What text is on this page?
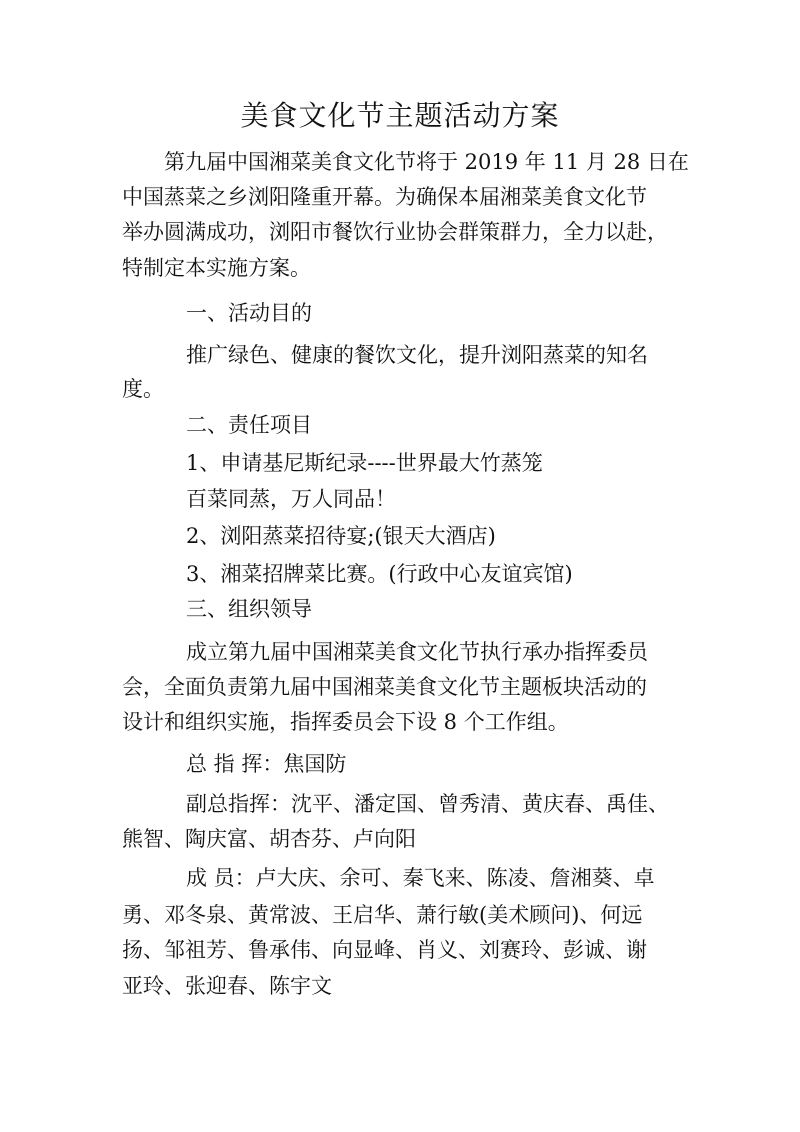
美食文化节主题活动方案
第九届中国湘菜美食文化节将于 2019 年 11 月 28 日在
中国蒸菜之乡浏阳隆重开幕。为确保本届湘菜美食文化节
举办圆满成功，浏阳市餐饮行业协会群策群力，全力以赴，
特制定本实施方案。
一、活动目的
推广绿色、健康的餐饮文化，提升浏阳蒸菜的知名
度。
二、责任项目
1、申请基尼斯纪录----世界最大竹蒸笼
百菜同蒸，万人同品！
2、浏阳蒸菜招待宴;(银天大酒店)
3、湘菜招牌菜比赛。(行政中心友谊宾馆)
三、组织领导
成立第九届中国湘菜美食文化节执行承办指挥委员
会，全面负责第九届中国湘菜美食文化节主题板块活动的
设计和组织实施，指挥委员会下设 8 个工作组。
总 指 挥：焦国防
副总指挥：沈平、潘定国、曾秀清、黄庆春、禹佳、
熊智、陶庆富、胡杏芬、卢向阳
成 员：卢大庆、余可、秦飞来、陈凌、詹湘葵、卓
勇、邓冬泉、黄常波、王启华、萧行敏(美术顾问)、何远
扬、邹祖芳、鲁承伟、向显峰、肖义、刘赛玲、彭诚、谢
亚玲、张迎春、陈宇文
